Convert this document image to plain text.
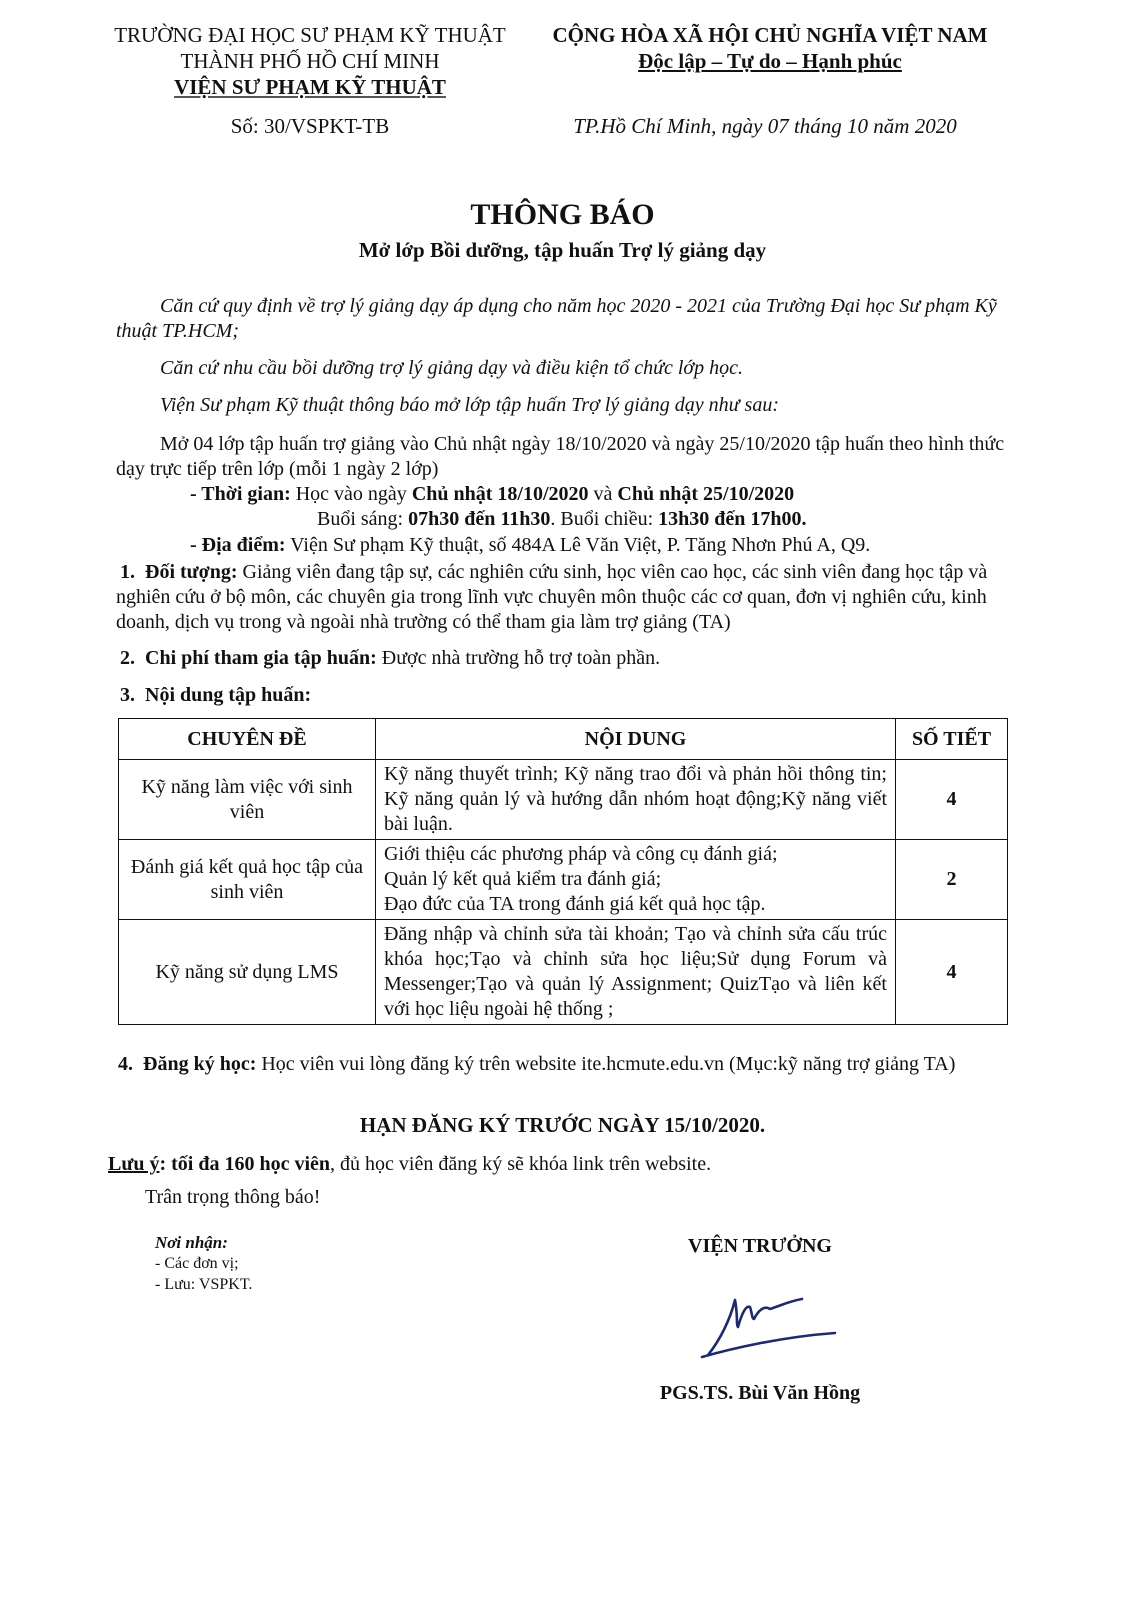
TRƯỜNG ĐẠI HỌC SƯ PHẠM KỸ THUẬT
THÀNH PHỐ HỒ CHÍ MINH
VIỆN SƯ PHẠM KỸ THUẬT
Số: 30/VSPKT-TB
CỘNG HÒA XÃ HỘI CHỦ NGHĨA VIỆT NAM
Độc lập – Tự do – Hạnh phúc
TP.Hồ Chí Minh, ngày 07 tháng 10 năm 2020
THÔNG BÁO
Mở lớp Bồi dưỡng, tập huấn Trợ lý giảng dạy
Căn cứ quy định về trợ lý giảng dạy áp dụng cho năm học 2020 - 2021 của Trường Đại học Sư phạm Kỹ thuật TP.HCM;
Căn cứ nhu cầu bồi dưỡng trợ lý giảng dạy và điều kiện tổ chức lớp học.
Viện Sư phạm Kỹ thuật thông báo mở lớp tập huấn Trợ lý giảng dạy như sau:
Mở 04 lớp tập huấn trợ giảng vào Chủ nhật ngày 18/10/2020 và ngày 25/10/2020 tập huấn theo hình thức dạy trực tiếp trên lớp (mỗi 1 ngày 2 lớp)
- Thời gian: Học vào ngày Chủ nhật 18/10/2020 và Chủ nhật 25/10/2020
Buổi sáng: 07h30 đến 11h30. Buổi chiều: 13h30 đến 17h00.
- Địa điểm: Viện Sư phạm Kỹ thuật, số 484A Lê Văn Việt, P. Tăng Nhơn Phú A, Q9.
1. Đối tượng: Giảng viên đang tập sự, các nghiên cứu sinh, học viên cao học, các sinh viên đang học tập và nghiên cứu ở bộ môn, các chuyên gia trong lĩnh vực chuyên môn thuộc các cơ quan, đơn vị nghiên cứu, kinh doanh, dịch vụ trong và ngoài nhà trường có thể tham gia làm trợ giảng (TA)
2. Chi phí tham gia tập huấn: Được nhà trường hỗ trợ toàn phần.
3. Nội dung tập huấn:
CHUYÊN ĐỀ	NỘI DUNG	SỐ TIẾT
Kỹ năng làm việc với sinh viên	Kỹ năng thuyết trình; Kỹ năng trao đổi và phản hồi thông tin; Kỹ năng quản lý và hướng dẫn nhóm hoạt động;Kỹ năng viết bài luận.	4
Đánh giá kết quả học tập của sinh viên	Giới thiệu các phương pháp và công cụ đánh giá;
Quản lý kết quả kiểm tra đánh giá;
Đạo đức của TA trong đánh giá kết quả học tập.	2
Kỹ năng sử dụng LMS	Đăng nhập và chỉnh sửa tài khoản; Tạo và chỉnh sửa cấu trúc khóa học;Tạo và chỉnh sửa học liệu;Sử dụng Forum và Messenger;Tạo và quản lý Assignment; QuizTạo và liên kết với học liệu ngoài hệ thống ;	4
4. Đăng ký học: Học viên vui lòng đăng ký trên website ite.hcmute.edu.vn (Mục:kỹ năng trợ giảng TA)
HẠN ĐĂNG KÝ TRƯỚC NGÀY 15/10/2020.
Lưu ý: tối đa 160 học viên, đủ học viên đăng ký sẽ khóa link trên website.
Trân trọng thông báo!
Nơi nhận:
- Các đơn vị;
- Lưu: VSPKT.
VIỆN TRƯỞNG
PGS.TS. Bùi Văn Hồng
